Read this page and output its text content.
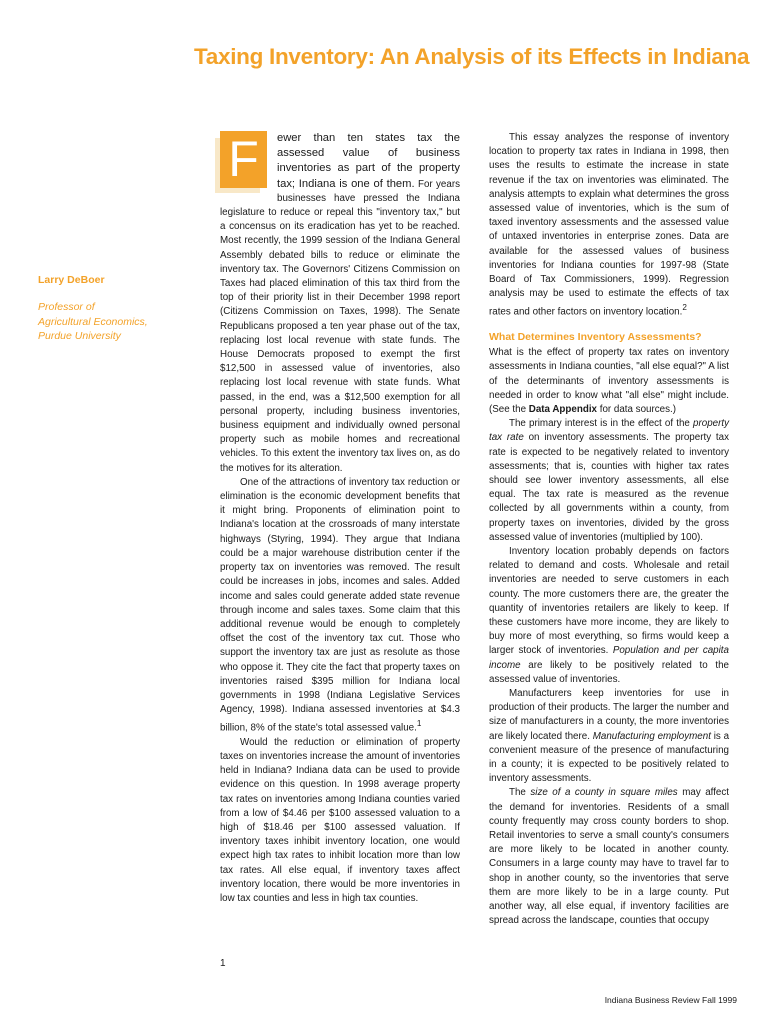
Taxing Inventory: An Analysis of its Effects in Indiana
Larry DeBoer
Professor of
Agricultural Economics,
Purdue University

F	ewer than ten states tax the assessed value of business inventories as part of the property tax; Indiana is one of them. For years businesses have pressed the Indiana legislature to reduce or repeal this "inventory tax," but a concensus on its eradication has yet to be reached. Most recently, the 1999 session of the Indiana General Assembly debated bills to reduce or eliminate the inventory tax. The Governors' Citizens Commission on Taxes had placed elimination of this tax third from the top of their priority list in their December 1998 report (Citizens Commission on Taxes, 1998). The Senate Republicans proposed a ten year phase out of the tax, replacing lost local revenue with state funds. The House Democrats proposed to exempt the first $12,500 in assessed value of inventories, also replacing lost local revenue with state funds. What passed, in the end, was a $12,500 exemption for all personal property, including business inventories, business equipment and individually owned personal property such as mobile homes and recreational vehicles. To this extent the inventory tax lives on, as do the motives for its alteration.

One of the attractions of inventory tax reduction or elimination is the economic development benefits that it might bring. Proponents of elimination point to Indiana's location at the crossroads of many interstate highways (Styring, 1994). They argue that Indiana could be a major warehouse distribution center if the property tax on inventories was removed. The result could be increases in jobs, incomes and sales. Added income and sales could generate added state revenue through income and sales taxes. Some claim that this additional revenue would be enough to completely offset the cost of the inventory tax cut. Those who support the inventory tax are just as resolute as those who oppose it. They cite the fact that property taxes on inventories raised $395 million for Indiana local governments in 1998 (Indiana Legislative Services Agency, 1998). Indiana assessed inventories at $4.3 billion, 8% of the state's total assessed value.$^1$

Would the reduction or elimination of property taxes on inventories increase the amount of inventories held in Indiana? Indiana data can be used to provide evidence on this question. In 1998 average property tax rates on inventories among Indiana counties varied from a low of $4.46 per $100 assessed valuation to a high of $18.46 per $100 assessed valuation. If inventory taxes inhibit inventory location, one would expect high tax rates to inhibit location more than low tax rates. All else equal, if inventory taxes affect inventory location, there would be more inventories in low tax counties and less in high tax counties.

This essay analyzes the response of inventory location to property tax rates in Indiana in 1998, then uses the results to estimate the increase in state revenue if the tax on inventories was eliminated. The analysis attempts to explain what determines the gross assessed value of inventories, which is the sum of taxed inventory assessments and the assessed value of untaxed inventories in enterprise zones. Data are available for the assessed values of business inventories for Indiana counties for 1997-98 (State Board of Tax Commissioners, 1999). Regression analysis may be used to estimate the effects of tax rates and other factors on inventory location.$^2$

What Determines Inventory Assessments?

What is the effect of property tax rates on inventory assessments in Indiana counties, "all else equal?" A list of the determinants of inventory assessments is needed in order to know what "all else" might include. (See the Data Appendix for data sources.)

The primary interest is in the effect of the property tax rate on inventory assessments. The property tax rate is expected to be negatively related to inventory assessments; that is, counties with higher tax rates should see lower inventory assessments, all else equal. The tax rate is measured as the revenue collected by all governments within a county, from property taxes on inventories, divided by the gross assessed value of inventories (multiplied by 100).

Inventory location probably depends on factors related to demand and costs. Wholesale and retail inventories are needed to serve customers in each county. The more customers there are, the greater the quantity of inventories retailers are likely to keep. If these customers have more income, they are likely to buy more of most everything, so firms would keep a larger stock of inventories. Population and per capita income are likely to be positively related to the assessed value of inventories.

Manufacturers keep inventories for use in production of their products. The larger the number and size of manufacturers in a county, the more inventories are likely located there. Manufacturing employment is a convenient measure of the presence of manufacturing in a county; it is expected to be positively related to inventory assessments.

The size of a county in square miles may affect the demand for inventories. Residents of a small county frequently may cross county borders to shop. Retail inventories to serve a small county's consumers are more likely to be located in another county. Consumers in a large county may have to travel far to shop in another county, so the inventories that serve them are more likely to be in a large county. Put another way, all else equal, if inventory facilities are spread across the landscape, counties that occupy

1
Indiana Business Review Fall 1999
